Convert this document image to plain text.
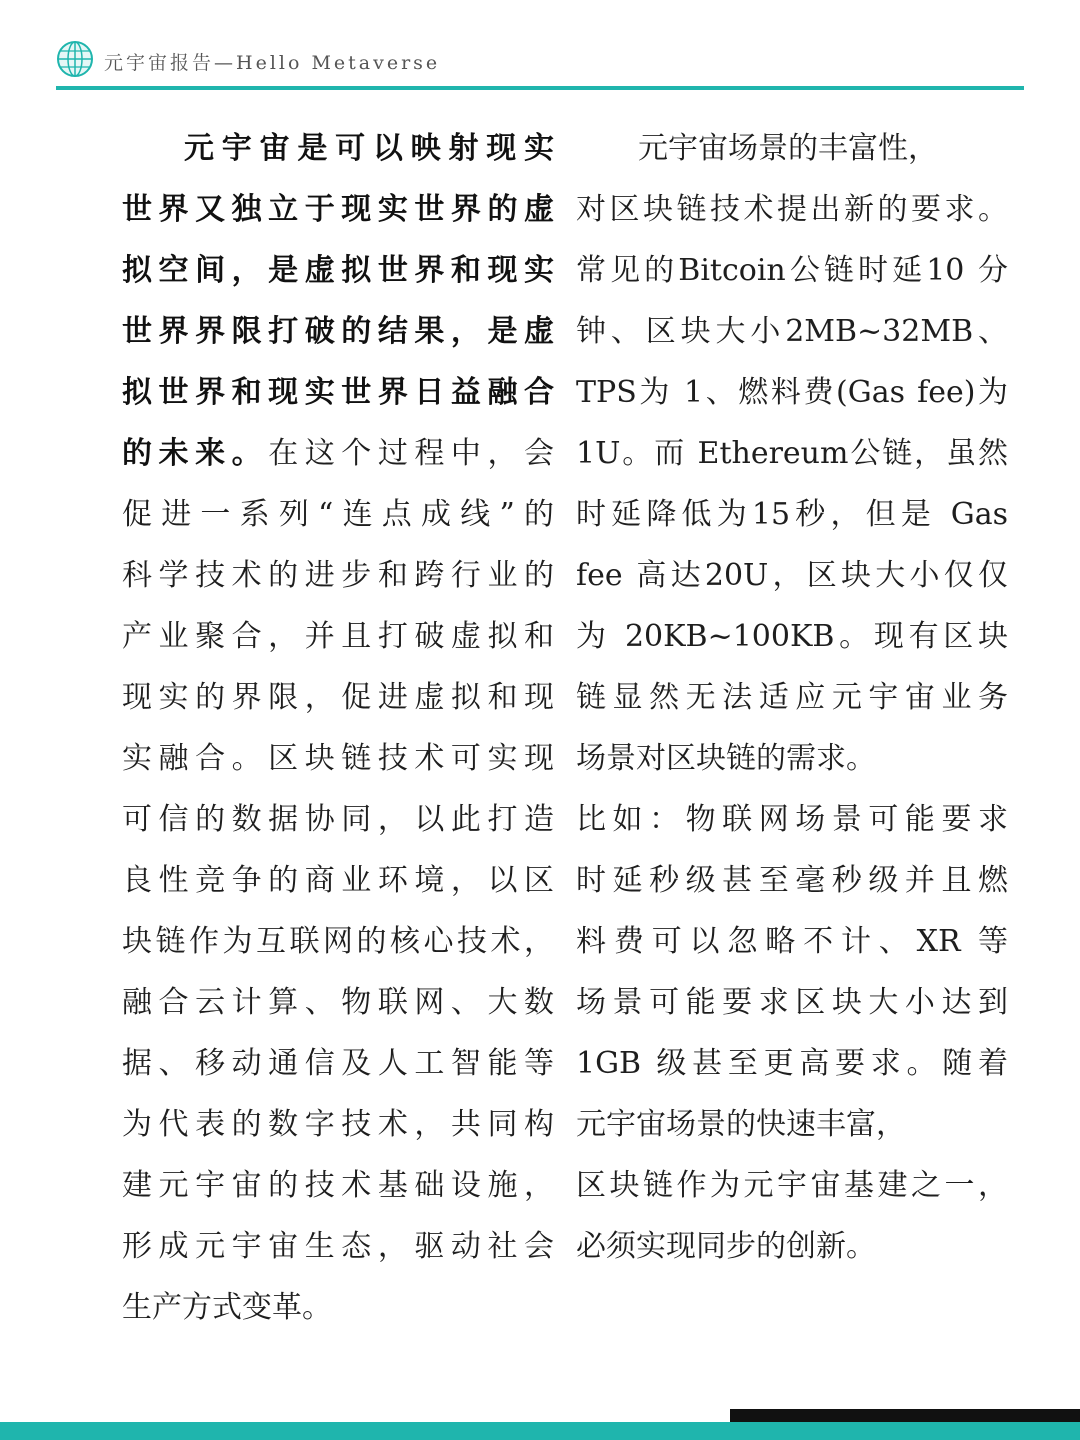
元宇宙报告—Hello Metaverse
元宇宙是可以映射现实
世界又独立于现实世界的虚
拟空间，是虚拟世界和现实
世界界限打破的结果，是虚
拟世界和现实世界日益融合
的未来。在这个过程中，会
促进一系列“连点成线”的
科学技术的进步和跨行业的
产业聚合，并且打破虚拟和
现实的界限，促进虚拟和现
实融合。区块链技术可实现
可信的数据协同，以此打造
良性竞争的商业环境，以区
块链作为互联网的核心技术，
融合云计算、物联网、大数
据、移动通信及人工智能等
为代表的数字技术，共同构
建元宇宙的技术基础设施，
形成元宇宙生态，驱动社会
生产方式变革。
元宇宙场景的丰富性，
对区块链技术提出新的要求。
常见的Bitcoin公链时延10 分
钟、区块大小2MB~32MB、
TPS为 1、燃料费(Gas fee)为
1U。而 Ethereum公链，虽然
时延降低为15秒，但是 Gas
fee 高达20U，区块大小仅仅
为 20KB~100KB。现有区块
链显然无法适应元宇宙业务
场景对区块链的需求。
比如：物联网场景可能要求
时延秒级甚至毫秒级并且燃
料费可以忽略不计、XR 等
场景可能要求区块大小达到
1GB 级甚至更高要求。随着
元宇宙场景的快速丰富，
区块链作为元宇宙基建之一，
必须实现同步的创新。
